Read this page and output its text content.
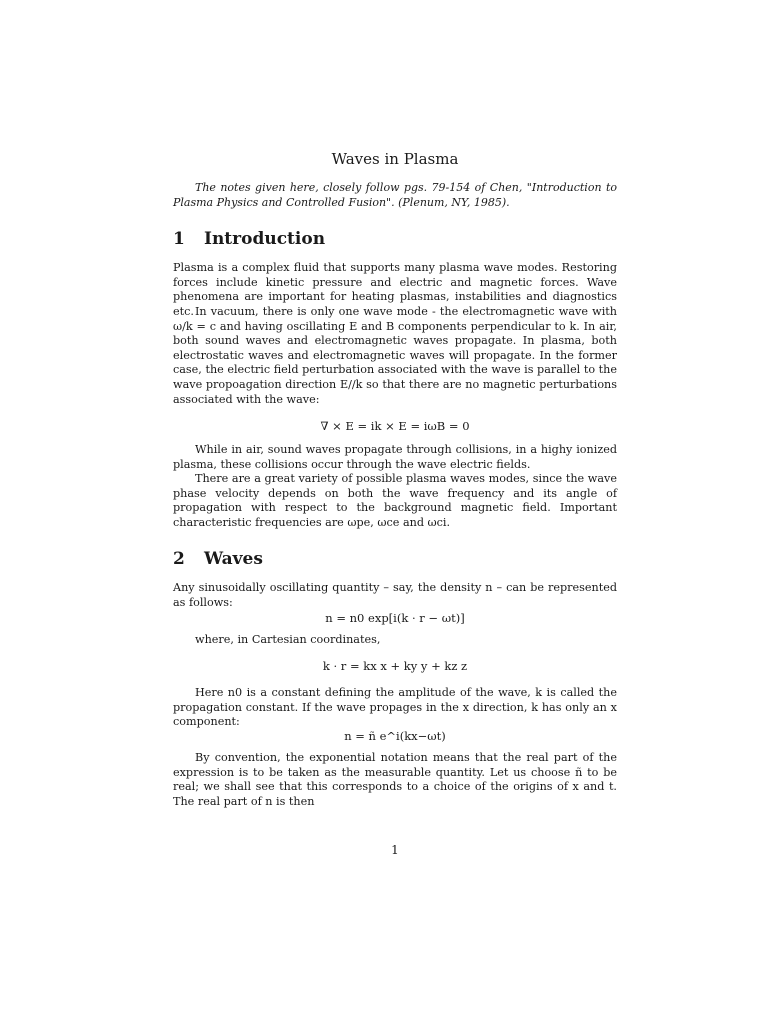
Waves in Plasma
The notes given here, closely follow pgs. 79-154 of Chen, "Introduction to Plasma Physics and Controlled Fusion". (Plenum, NY, 1985).
1 Introduction

Plasma is a complex fluid that supports many plasma wave modes. Restoring forces include kinetic pressure and electric and magnetic forces. Wave phenomena are important for heating plasmas, instabilities and diagnostics etc. In vacuum, there is only one wave mode - the electromagnetic wave with ω/k = c and having oscillating E and B components perpendicular to k. In air, both sound waves and electromagnetic waves propagate. In plasma, both electrostatic waves and electromagnetic waves will propagate. In the former case, the electric field perturbation associated with the wave is parallel to the wave propoagation direction E//k so that there are no magnetic perturbations associated with the wave:

∇ × E = ik × E = iωB = 0

While in air, sound waves propagate through collisions, in a highy ionized plasma, these collisions occur through the wave electric fields.

There are a great variety of possible plasma waves modes, since the wave phase velocity depends on both the wave frequency and its angle of propagation with respect to the background magnetic field. Important characteristic frequencies are ωpe, ωce and ωci.

2 Waves

Any sinusoidally oscillating quantity – say, the density n – can be represented as follows:

n = n0 exp[i(k · r − ωt)]

where, in Cartesian coordinates,

k · r = kx x + ky y + kz z

Here n0 is a constant defining the amplitude of the wave, k is called the propagation constant. If the wave propages in the x direction, k has only an x component:

n = ñ e^i(kx−ωt)

By convention, the exponential notation means that the real part of the expression is to be taken as the measurable quantity. Let us choose ñ to be real; we shall see that this corresponds to a choice of the origins of x and t. The real part of n is then

1
